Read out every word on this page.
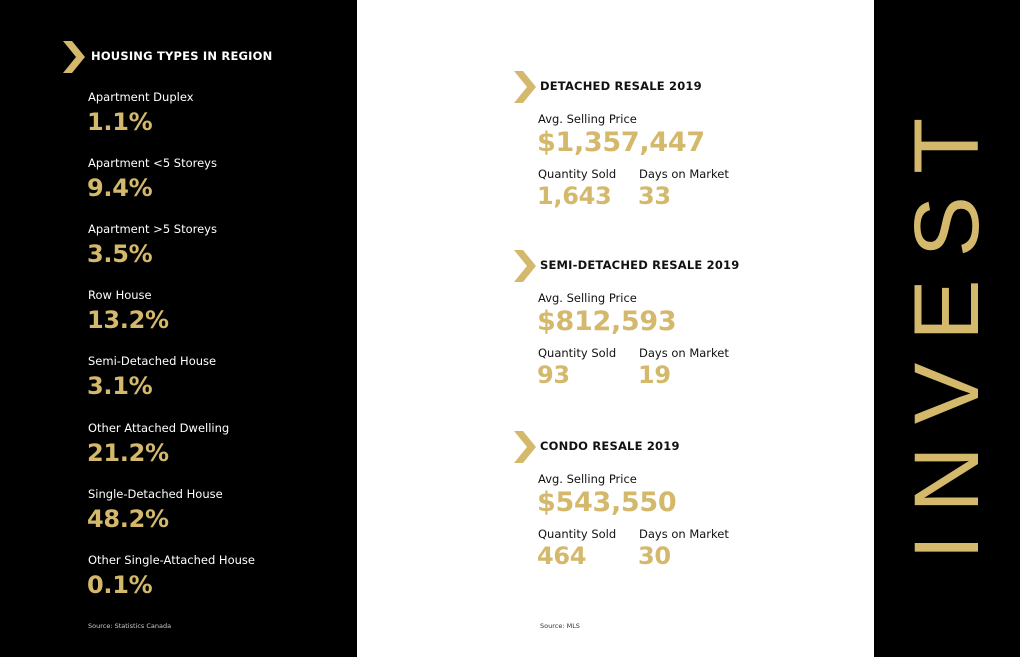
HOUSING TYPES IN REGION
Apartment Duplex
1.1%
Apartment <5 Storeys
9.4%
Apartment >5 Storeys
3.5%
Row House
13.2%
Semi-Detached House
3.1%
Other Attached Dwelling
21.2%
Single-Detached House
48.2%
Other Single-Attached House
0.1%
Source: Statistics Canada
DETACHED RESALE 2019
Avg. Selling Price
$1,357,447
Quantity Sold Days on Market
1,643 33
SEMI-DETACHED RESALE 2019
Avg. Selling Price
$812,593
Quantity Sold Days on Market
93	19
CONDO RESALE 2019
Avg. Selling Price
$543,550
Quantity Sold Days on Market
464 30
Source: MLS
INVEST
